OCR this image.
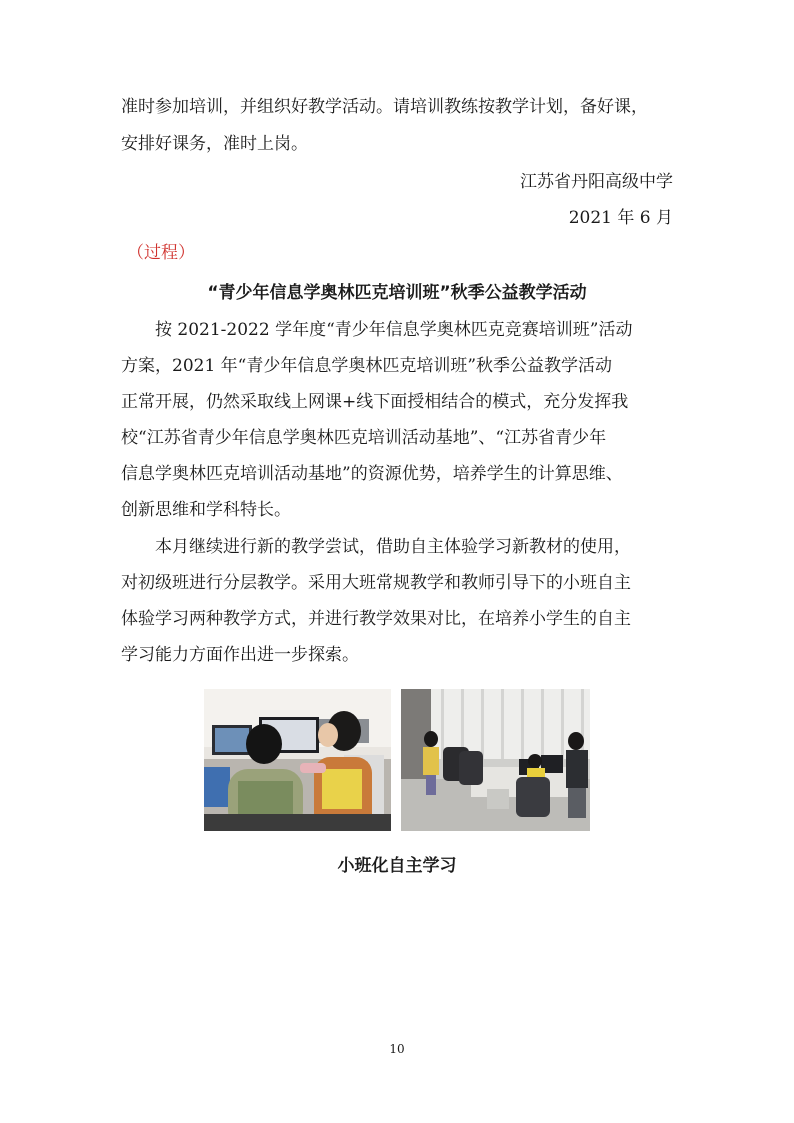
准时参加培训，并组织好教学活动。请培训教练按教学计划，备好课，
安排好课务，准时上岗。
江苏省丹阳高级中学
2021 年 6 月
（过程）
“青少年信息学奥林匹克培训班”秋季公益教学活动
按 2021-2022 学年度“青少年信息学奥林匹克竞赛培训班”活动
方案，2021 年“青少年信息学奥林匹克培训班”秋季公益教学活动
正常开展，仍然采取线上网课+线下面授相结合的模式，充分发挥我
校“江苏省青少年信息学奥林匹克培训活动基地”、“江苏省青少年
信息学奥林匹克培训活动基地”的资源优势，培养学生的计算思维、
创新思维和学科特长。
本月继续进行新的教学尝试，借助自主体验学习新教材的使用，
对初级班进行分层教学。采用大班常规教学和教师引导下的小班自主
体验学习两种教学方式，并进行教学效果对比，在培养小学生的自主
学习能力方面作出进一步探索。
小班化自主学习
10
